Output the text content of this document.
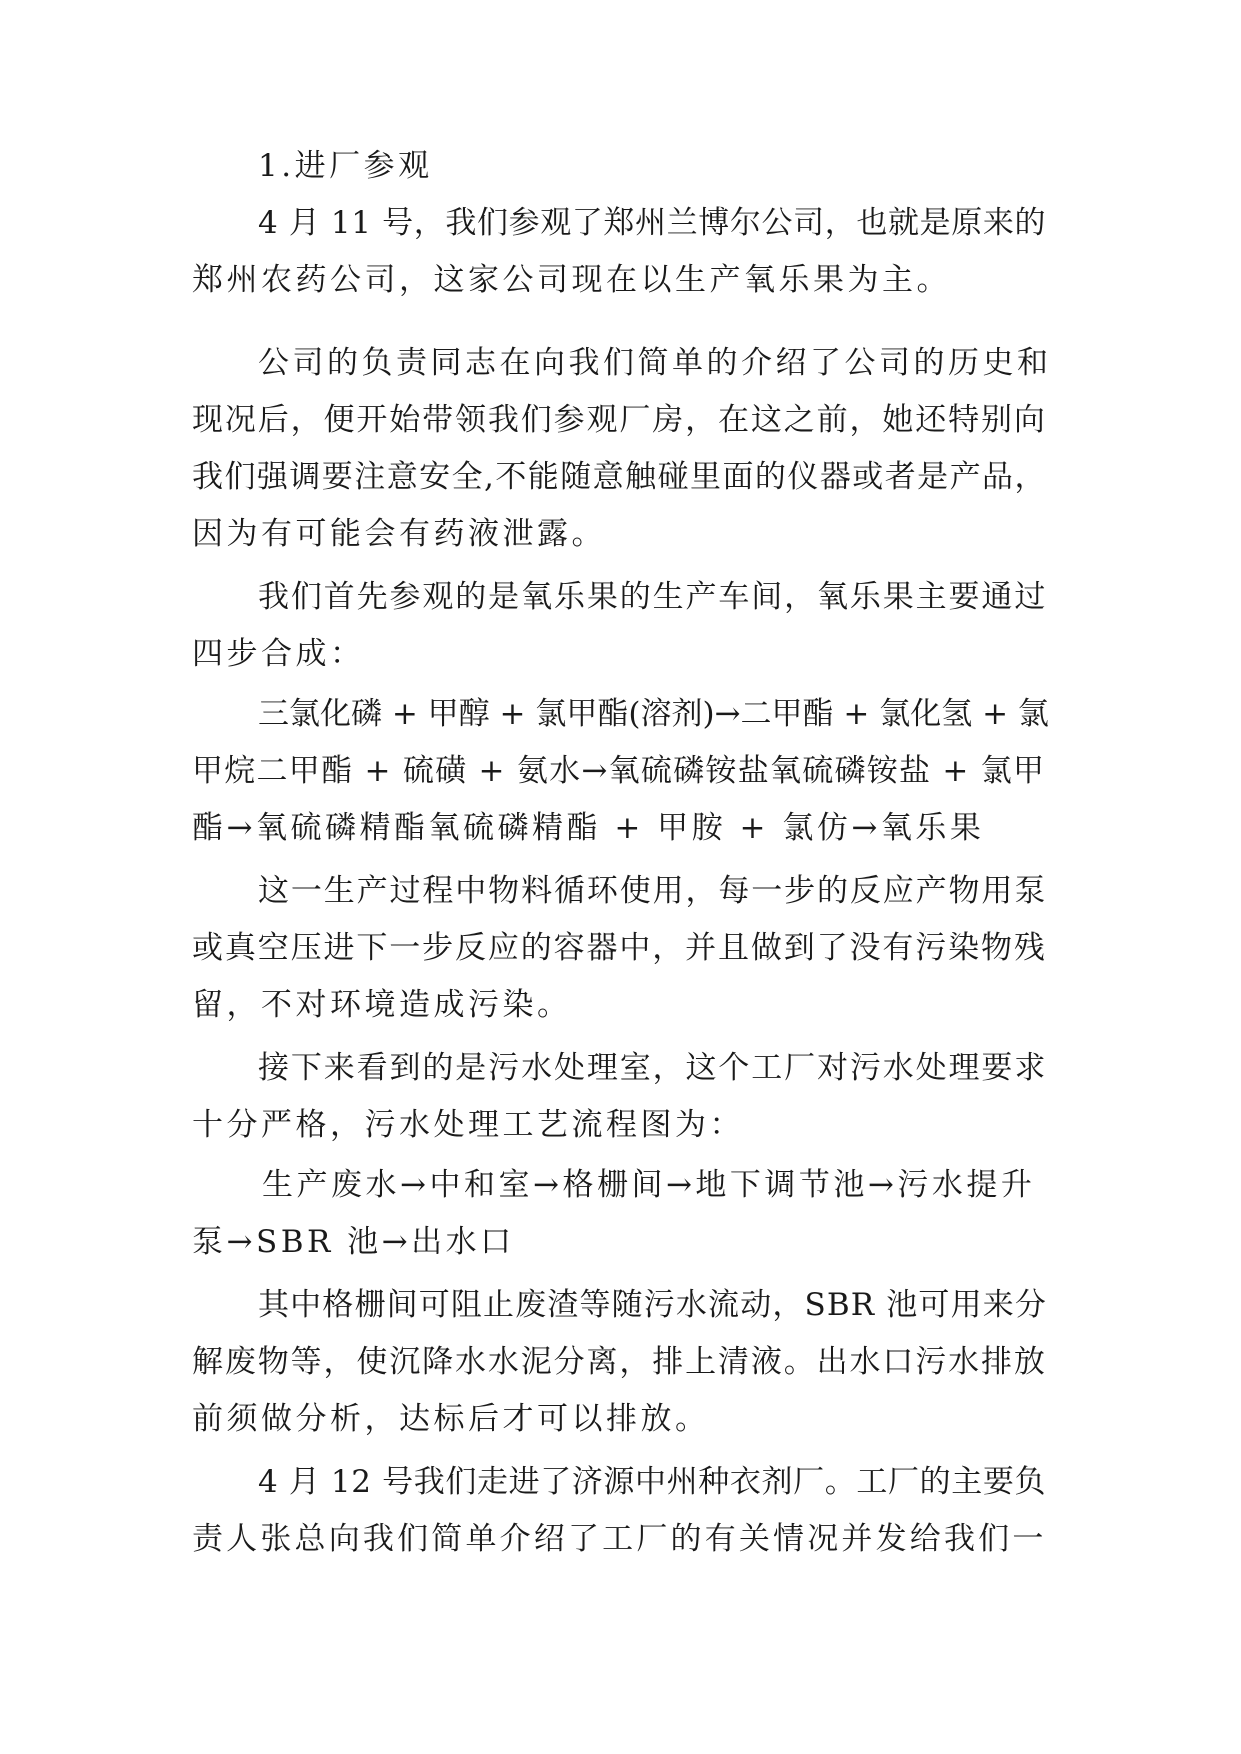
1.进厂参观
4 月 11 号，我们参观了郑州兰博尔公司，也就是原来的
郑州农药公司，这家公司现在以生产氧乐果为主。
公司的负责同志在向我们简单的介绍了公司的历史和
现况后，便开始带领我们参观厂房，在这之前，她还特别向
我们强调要注意安全,不能随意触碰里面的仪器或者是产品，
因为有可能会有药液泄露。
我们首先参观的是氧乐果的生产车间，氧乐果主要通过
四步合成：
三氯化磷 + 甲醇 + 氯甲酯(溶剂)→二甲酯 + 氯化氢 + 氯
甲烷二甲酯 + 硫磺 + 氨水→氧硫磷铵盐氧硫磷铵盐 + 氯甲
酯→氧硫磷精酯氧硫磷精酯 + 甲胺 + 氯仿→氧乐果
这一生产过程中物料循环使用，每一步的反应产物用泵
或真空压进下一步反应的容器中，并且做到了没有污染物残
留，不对环境造成污染。
接下来看到的是污水处理室，这个工厂对污水处理要求
十分严格，污水处理工艺流程图为：
生产废水→中和室→格栅间→地下调节池→污水提升
泵→SBR 池→出水口
其中格栅间可阻止废渣等随污水流动，SBR 池可用来分
解废物等，使沉降水水泥分离，排上清液。出水口污水排放
前须做分析，达标后才可以排放。
4 月 12 号我们走进了济源中州种衣剂厂。工厂的主要负
责人张总向我们简单介绍了工厂的有关情况并发给我们一
